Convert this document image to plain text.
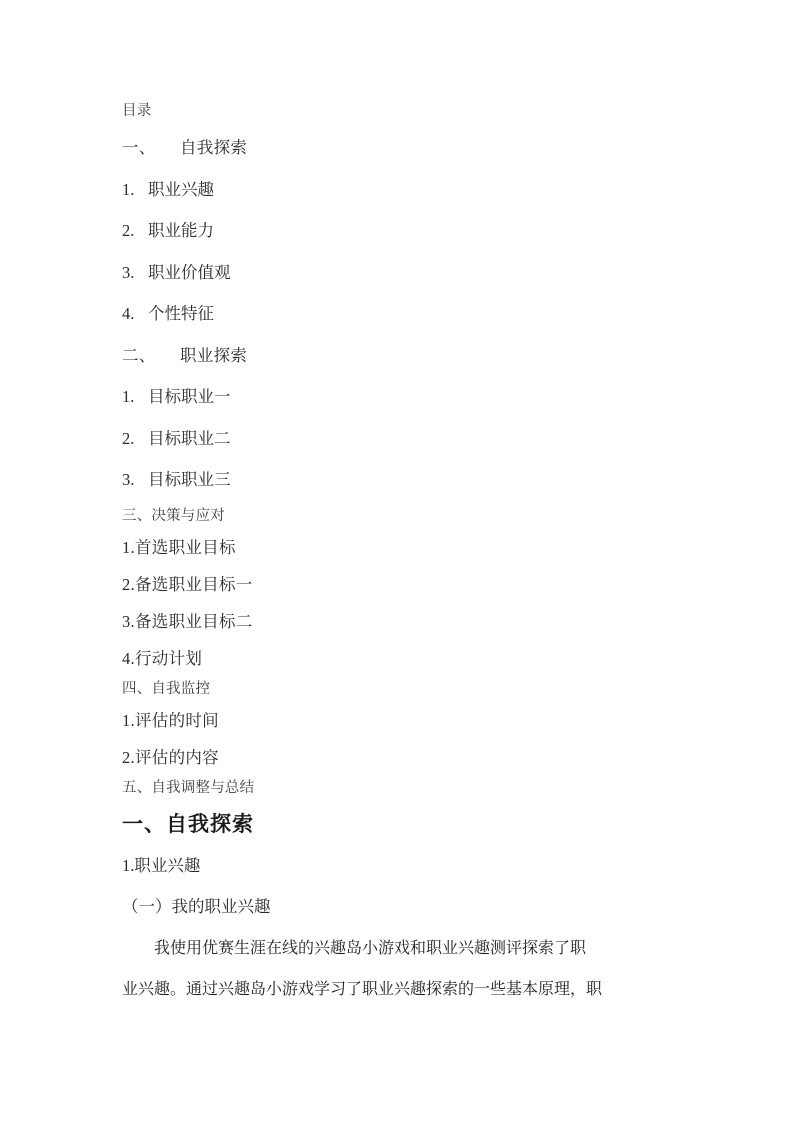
目录

一、 自我探索

1. 职业兴趣

2. 职业能力

3. 职业价值观

4. 个性特征

二、 职业探索

1. 目标职业一

2. 目标职业二

3. 目标职业三

三、决策与应对

1.首选职业目标

2.备选职业目标一

3.备选职业目标二

4.行动计划

四、自我监控

1.评估的时间

2.评估的内容

五、自我调整与总结

一、自我探索

1.职业兴趣

（一）我的职业兴趣

我使用优赛生涯在线的兴趣岛小游戏和职业兴趣测评探索了职

业兴趣。通过兴趣岛小游戏学习了职业兴趣探索的一些基本原理，职
